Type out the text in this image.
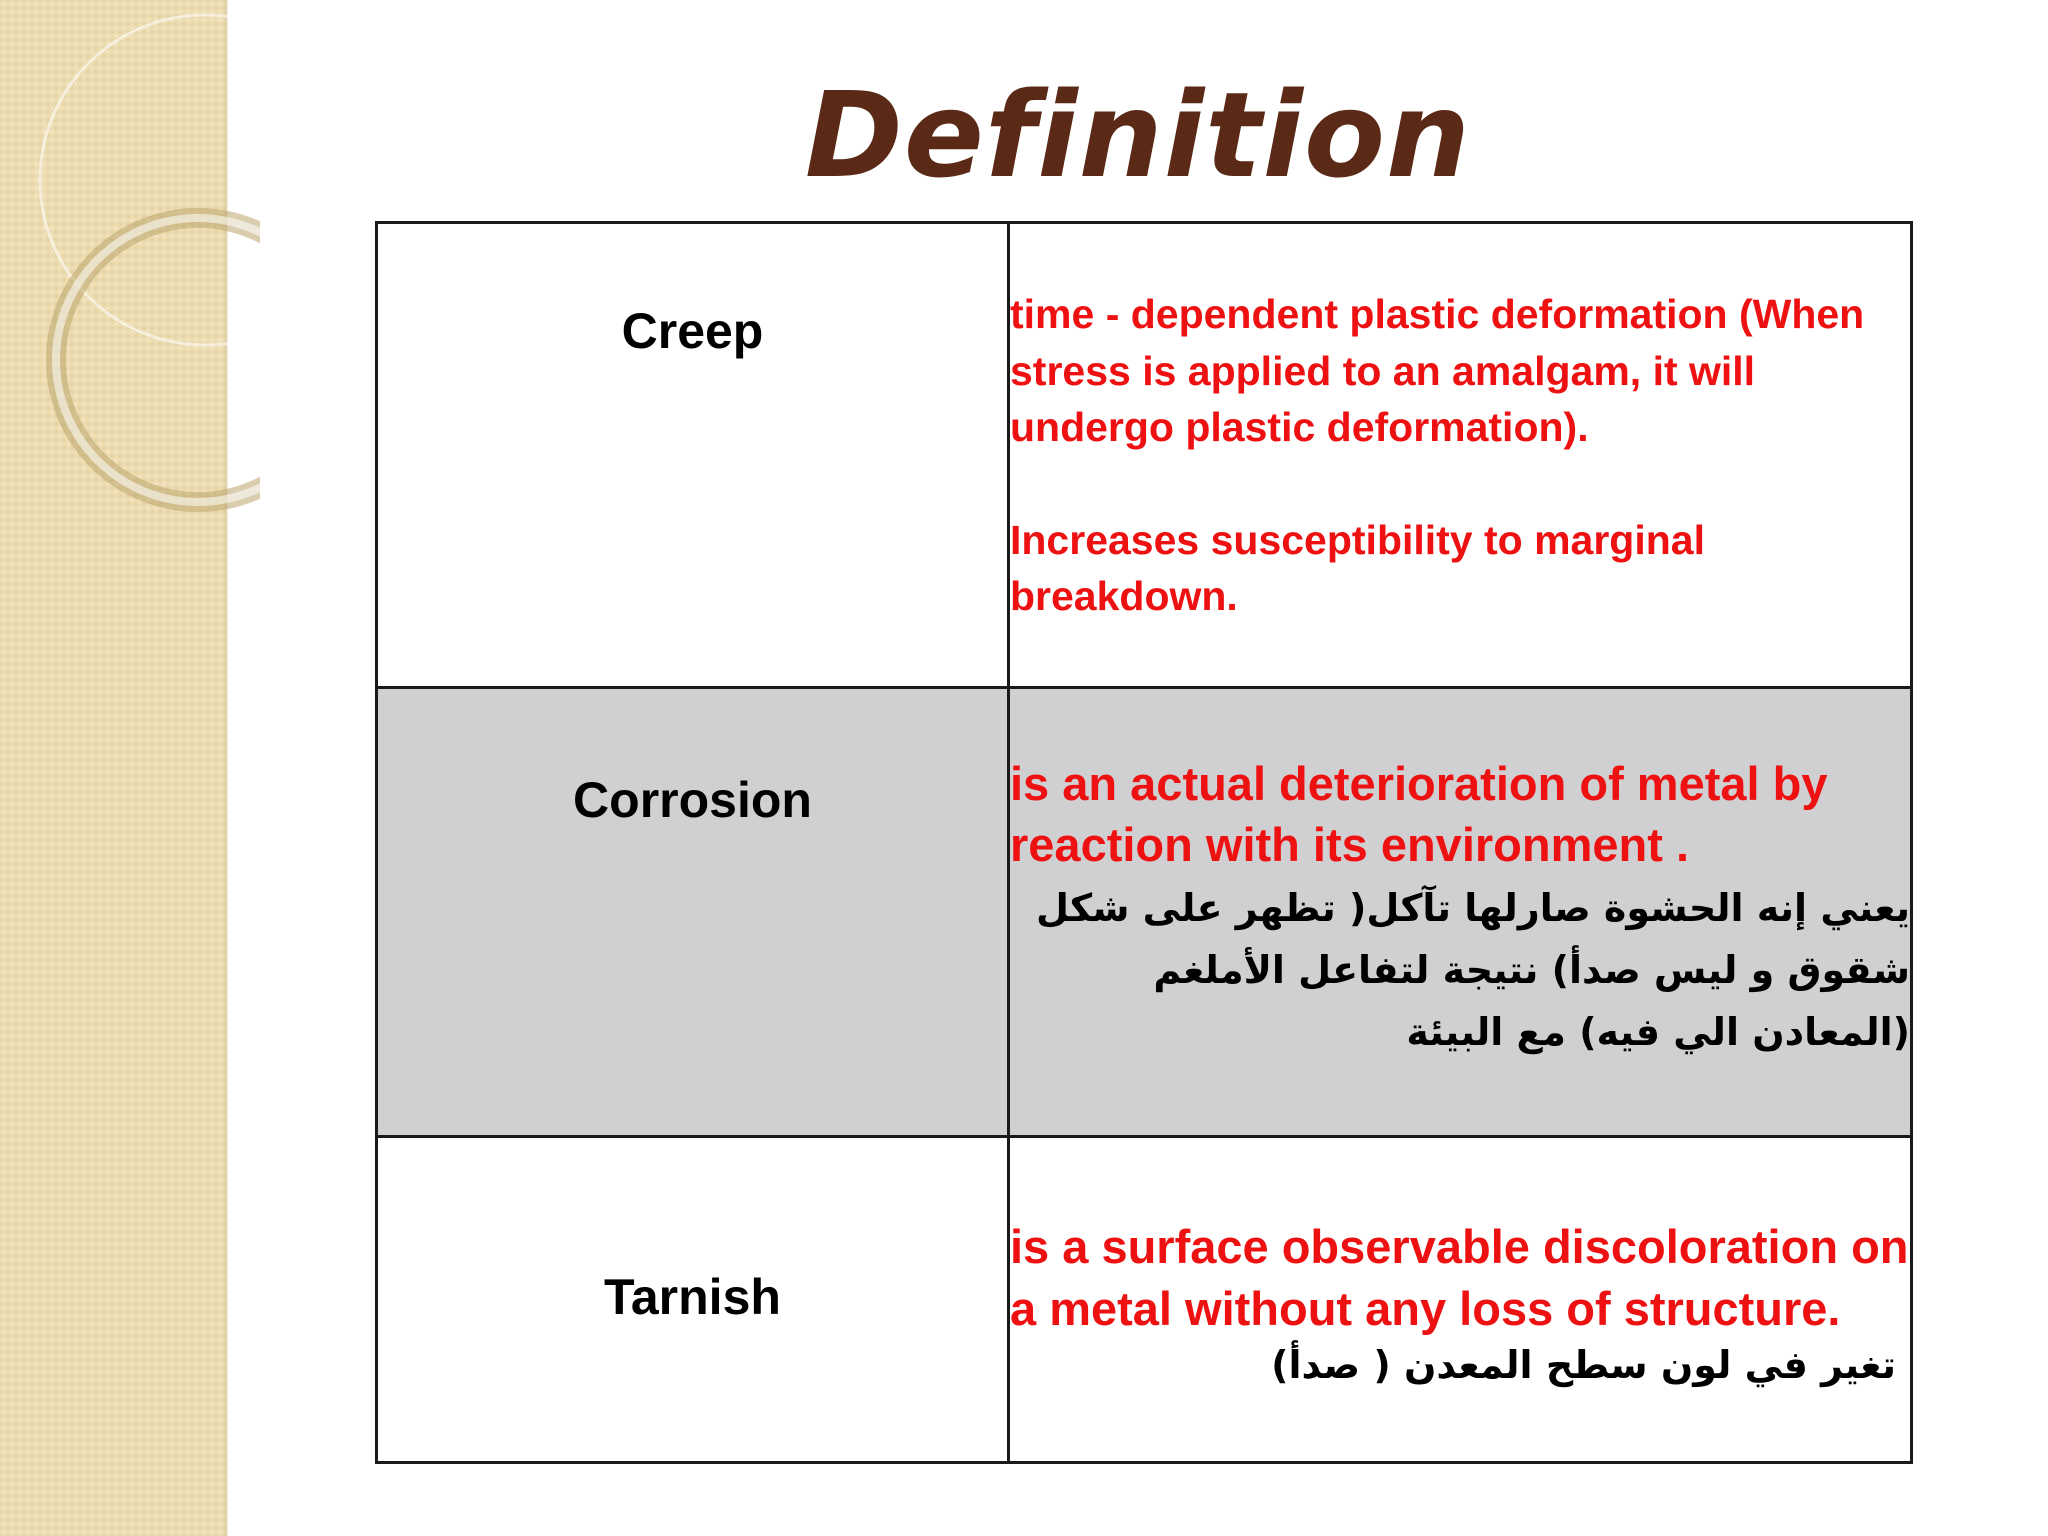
Definition
Creep	time - dependent plastic deformation (When stress is applied to an amalgam, it will undergo plastic deformation).
Increases susceptibility to marginal breakdown.

Corrosion	is an actual deterioration of metal by reaction with its environment .
يعني إنه الحشوة صارلها تآكل( تظهر على شكل شقوق و ليس صدأ) نتيجة لتفاعل الأملغم (المعادن الي فيه) مع البيئة

Tarnish	is a surface observable discoloration on a metal without any loss of structure.
تغير في لون سطح المعدن ( صدأ)
